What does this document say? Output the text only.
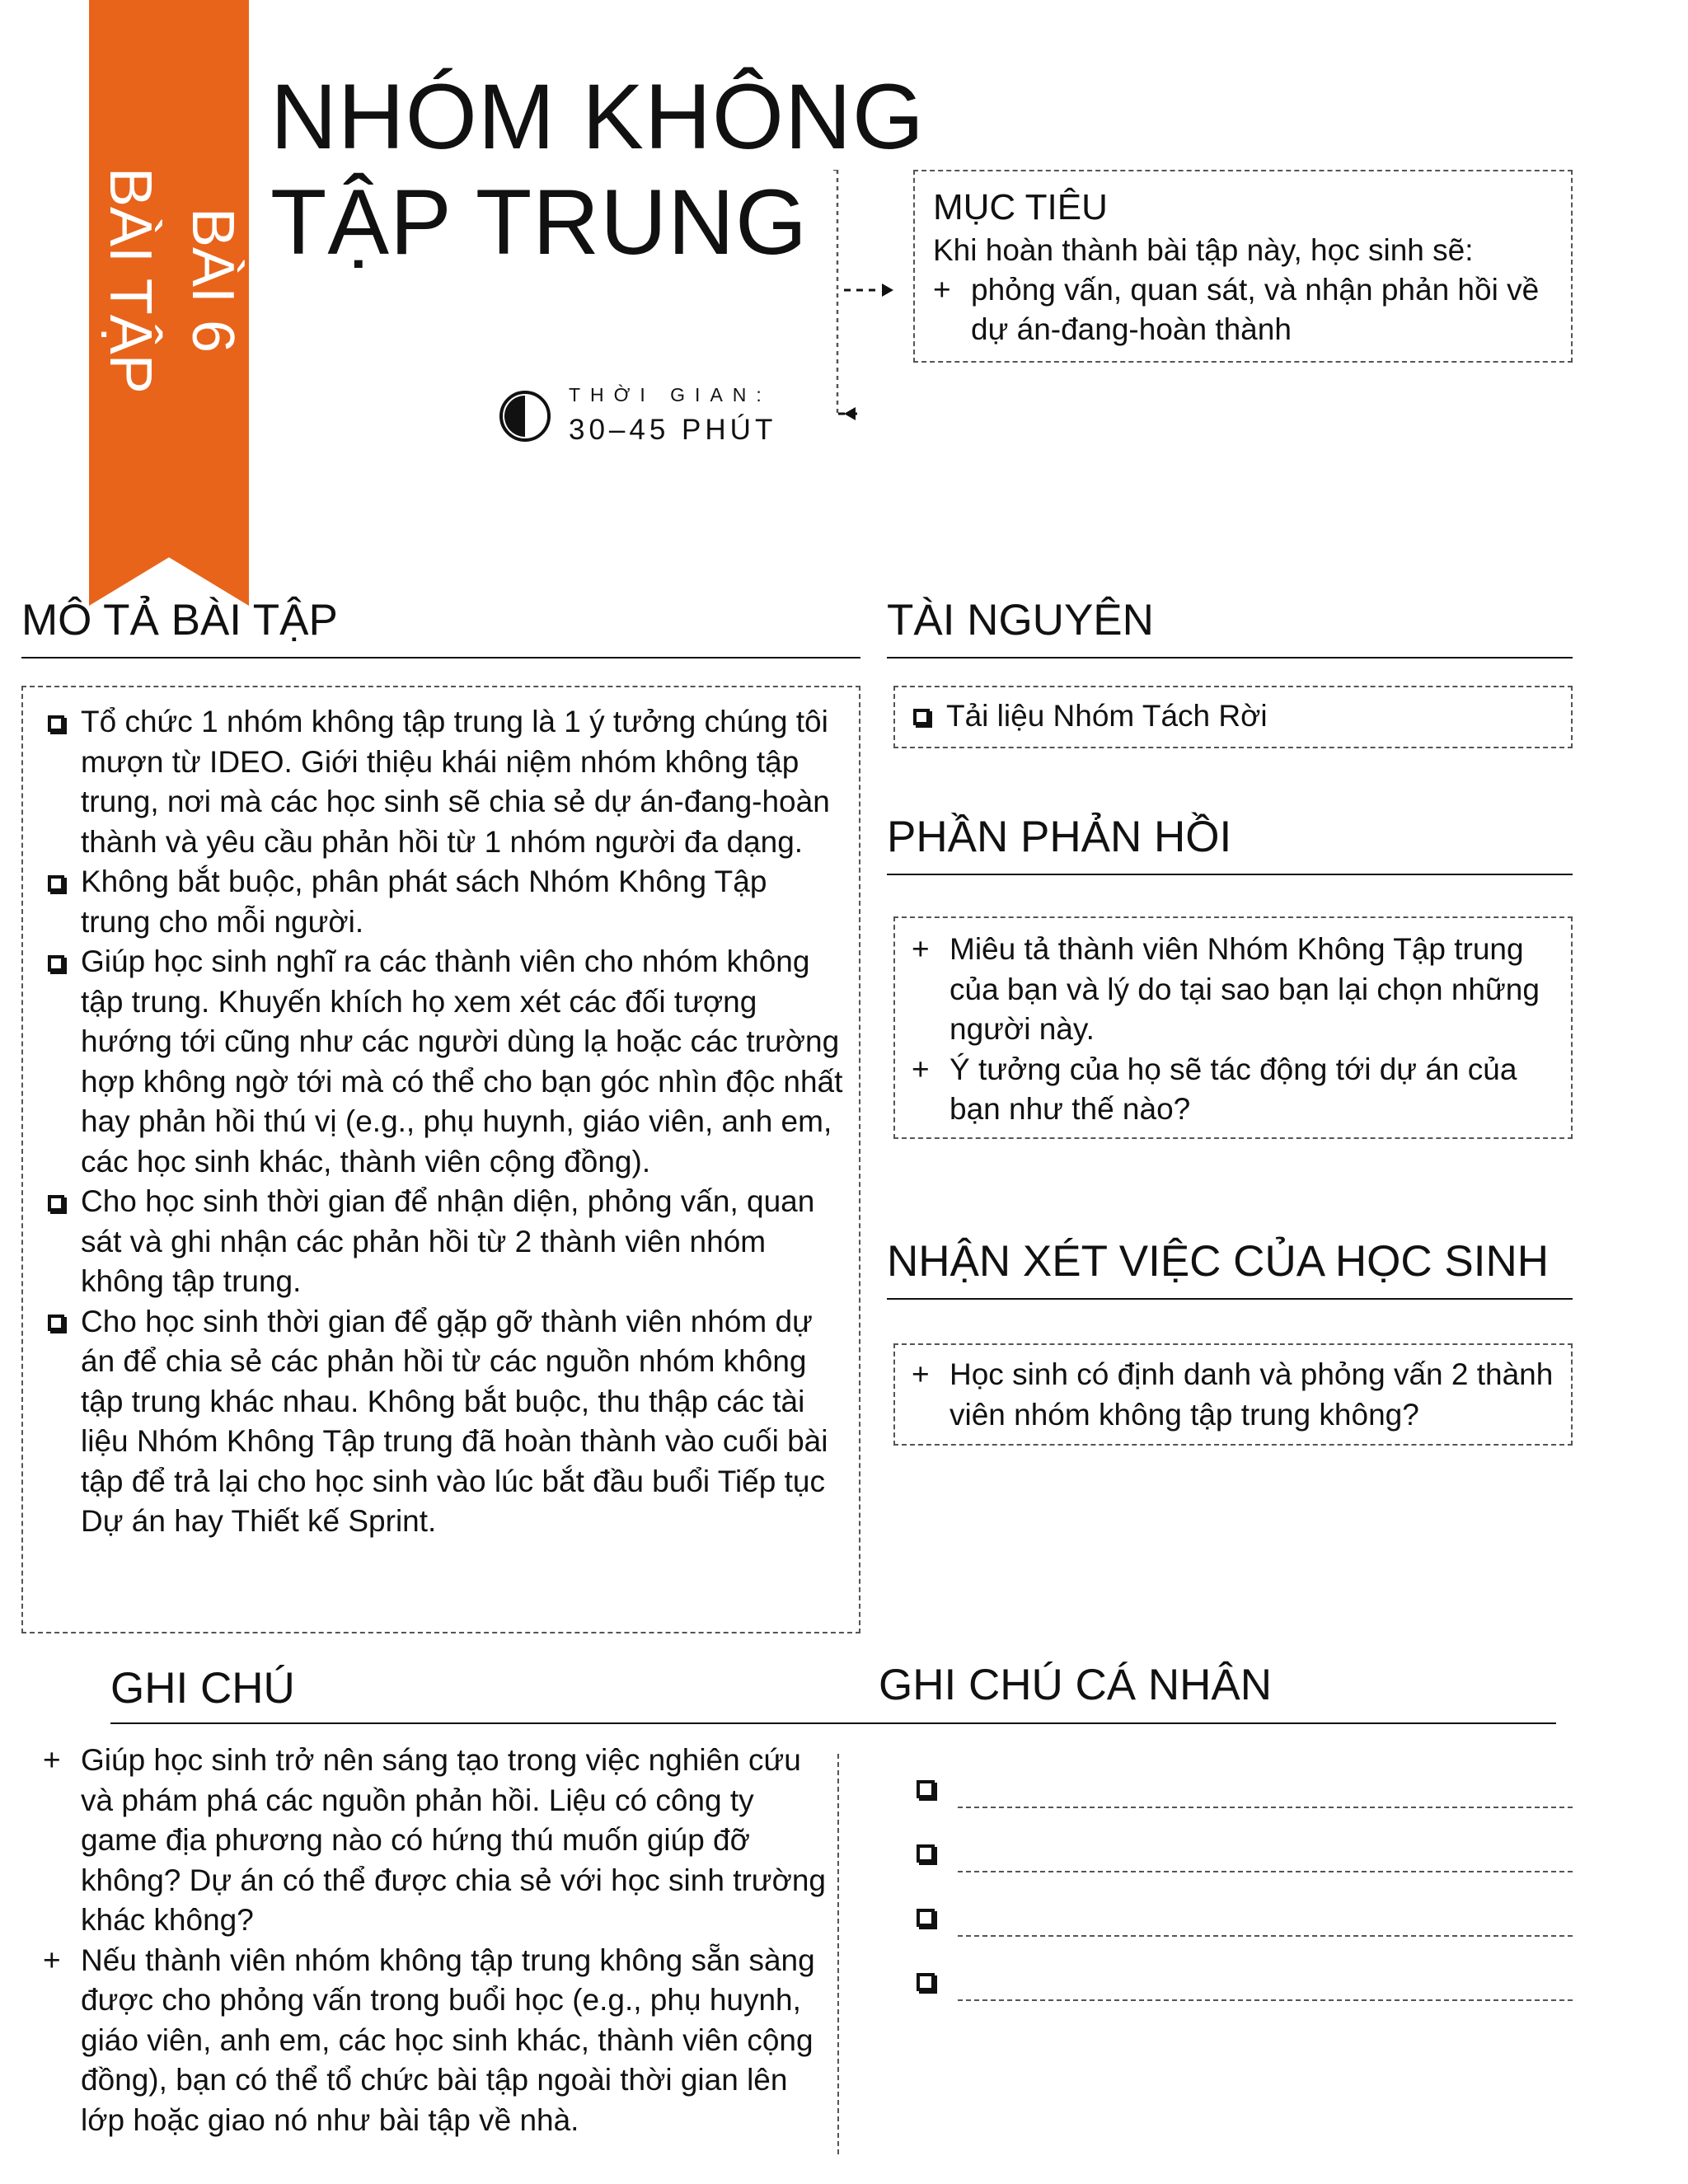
BÀI 6
BÀI TẬP
NHÓM KHÔNG
TẬP TRUNG
THỜI GIAN:
30–45 PHÚT
MỤC TIÊU
Khi hoàn thành bài tập này, học sinh sẽ:
+ phỏng vấn, quan sát, và nhận phản hồi về dự án-đang-hoàn thành
MÔ TẢ BÀI TẬP
Tổ chức 1 nhóm không tập trung là 1 ý tưởng chúng tôi mượn từ IDEO. Giới thiệu khái niệm nhóm không tập trung, nơi mà các học sinh sẽ chia sẻ dự án-đang-hoàn thành và yêu cầu phản hồi từ 1 nhóm người đa dạng.
Không bắt buộc, phân phát sách Nhóm Không Tập trung cho mỗi người.
Giúp học sinh nghĩ ra các thành viên cho nhóm không tập trung. Khuyến khích họ xem xét các đối tượng hướng tới cũng như các người dùng lạ hoặc các trường hợp không ngờ tới mà có thể cho bạn góc nhìn độc nhất hay phản hồi thú vị (e.g., phụ huynh, giáo viên, anh em, các học sinh khác, thành viên cộng đồng).
Cho học sinh thời gian để nhận diện, phỏng vấn, quan sát và ghi nhận các phản hồi từ 2 thành viên nhóm không tập trung.
Cho học sinh thời gian để gặp gỡ thành viên nhóm dự án để chia sẻ các phản hồi từ các nguồn nhóm không tập trung khác nhau. Không bắt buộc, thu thập các tài liệu Nhóm Không Tập trung đã hoàn thành vào cuối bài tập để trả lại cho học sinh vào lúc bắt đầu buổi Tiếp tục Dự án hay Thiết kế Sprint.
TÀI NGUYÊN
Tải liệu Nhóm Tách Rời
PHẦN PHẢN HỒI
+ Miêu tả thành viên Nhóm Không Tập trung của bạn và lý do tại sao bạn lại chọn những người này.
+ Ý tưởng của họ sẽ tác động tới dự án của bạn như thế nào?
NHẬN XÉT VIỆC CỦA HỌC SINH
+ Học sinh có định danh và phỏng vấn 2 thành viên nhóm không tập trung không?
GHI CHÚ	GHI CHÚ CÁ NHÂN
+ Giúp học sinh trở nên sáng tạo trong việc nghiên cứu và phám phá các nguồn phản hồi. Liệu có công ty game địa phương nào có hứng thú muốn giúp đỡ không? Dự án có thể được chia sẻ với học sinh trường khác không?
+ Nếu thành viên nhóm không tập trung không sẵn sàng được cho phỏng vấn trong buổi học (e.g., phụ huynh, giáo viên, anh em, các học sinh khác, thành viên cộng đồng), bạn có thể tổ chức bài tập ngoài thời gian lên lớp hoặc giao nó như bài tập về nhà.
